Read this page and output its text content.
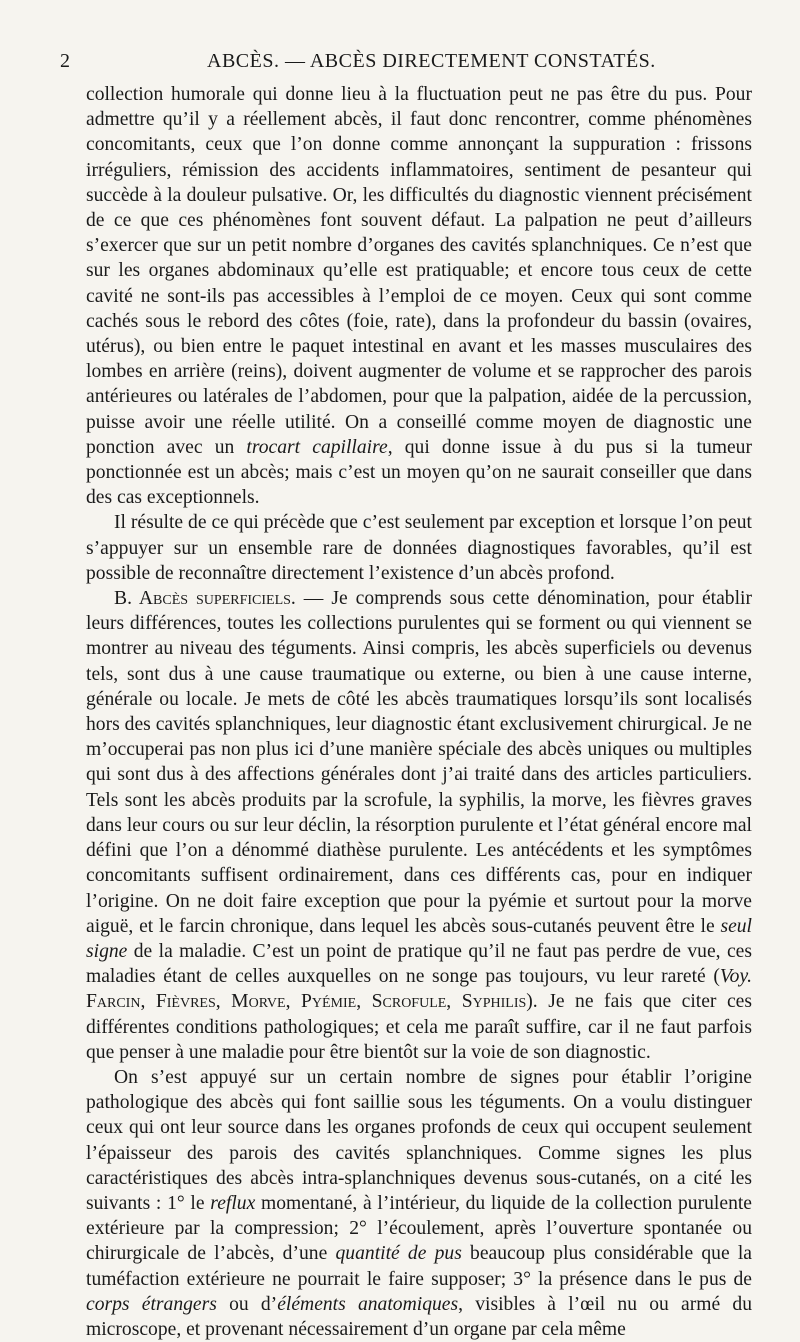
2	ABCÈS. — ABCÈS DIRECTEMENT CONSTATÉS.

collection humorale qui donne lieu à la fluctuation peut ne pas être du pus. Pour admettre qu’il y a réellement abcès, il faut donc rencontrer, comme phénomènes concomitants, ceux que l’on donne comme annonçant la suppuration : frissons irréguliers, rémission des accidents inflammatoires, sentiment de pesanteur qui succède à la douleur pulsative. Or, les difficultés du diagnostic viennent précisément de ce que ces phénomènes font souvent défaut. La palpation ne peut d’ailleurs s’exercer que sur un petit nombre d’organes des cavités splanchniques. Ce n’est que sur les organes abdominaux qu’elle est pratiquable; et encore tous ceux de cette cavité ne sont-ils pas accessibles à l’emploi de ce moyen. Ceux qui sont comme cachés sous le rebord des côtes (foie, rate), dans la profondeur du bassin (ovaires, utérus), ou bien entre le paquet intestinal en avant et les masses musculaires des lombes en arrière (reins), doivent augmenter de volume et se rapprocher des parois antérieures ou latérales de l’abdomen, pour que la palpation, aidée de la percussion, puisse avoir une réelle utilité. On a conseillé comme moyen de diagnostic une ponction avec un trocart capillaire, qui donne issue à du pus si la tumeur ponctionnée est un abcès; mais c’est un moyen qu’on ne saurait conseiller que dans des cas exceptionnels.

Il résulte de ce qui précède que c’est seulement par exception et lorsque l’on peut s’appuyer sur un ensemble rare de données diagnostiques favorables, qu’il est possible de reconnaître directement l’existence d’un abcès profond.

B. Abcès superficiels. — Je comprends sous cette dénomination, pour établir leurs différences, toutes les collections purulentes qui se forment ou qui viennent se montrer au niveau des téguments. Ainsi compris, les abcès superficiels ou devenus tels, sont dus à une cause traumatique ou externe, ou bien à une cause interne, générale ou locale. Je mets de côté les abcès traumatiques lorsqu’ils sont localisés hors des cavités splanchniques, leur diagnostic étant exclusivement chirurgical. Je ne m’occuperai pas non plus ici d’une manière spéciale des abcès uniques ou multiples qui sont dus à des affections générales dont j’ai traité dans des articles particuliers. Tels sont les abcès produits par la scrofule, la syphilis, la morve, les fièvres graves dans leur cours ou sur leur déclin, la résorption purulente et l’état général encore mal défini que l’on a dénommé diathèse purulente. Les antécédents et les symptômes concomitants suffisent ordinairement, dans ces différents cas, pour en indiquer l’origine. On ne doit faire exception que pour la pyémie et surtout pour la morve aiguë, et le farcin chronique, dans lequel les abcès sous-cutanés peuvent être le seul signe de la maladie. C’est un point de pratique qu’il ne faut pas perdre de vue, ces maladies étant de celles auxquelles on ne songe pas toujours, vu leur rareté (Voy. Farcin, Fièvres, Morve, Pyémie, Scrofule, Syphilis). Je ne fais que citer ces différentes conditions pathologiques; et cela me paraît suffire, car il ne faut parfois que penser à une maladie pour être bientôt sur la voie de son diagnostic.

On s’est appuyé sur un certain nombre de signes pour établir l’origine pathologique des abcès qui font saillie sous les téguments. On a voulu distinguer ceux qui ont leur source dans les organes profonds de ceux qui occupent seulement l’épaisseur des parois des cavités splanchniques. Comme signes les plus caractéristiques des abcès intra-splanchniques devenus sous-cutanés, on a cité les suivants : 1° le reflux momentané, à l’intérieur, du liquide de la collection purulente extérieure par la compression; 2° l’écoulement, après l’ouverture spontanée ou chirurgicale de l’abcès, d’une quantité de pus beaucoup plus considérable que la tuméfaction extérieure ne pourrait le faire supposer; 3° la présence dans le pus de corps étrangers ou d’éléments anatomiques, visibles à l’œil nu ou armé du microscope, et provenant nécessairement d’un organe par cela même
